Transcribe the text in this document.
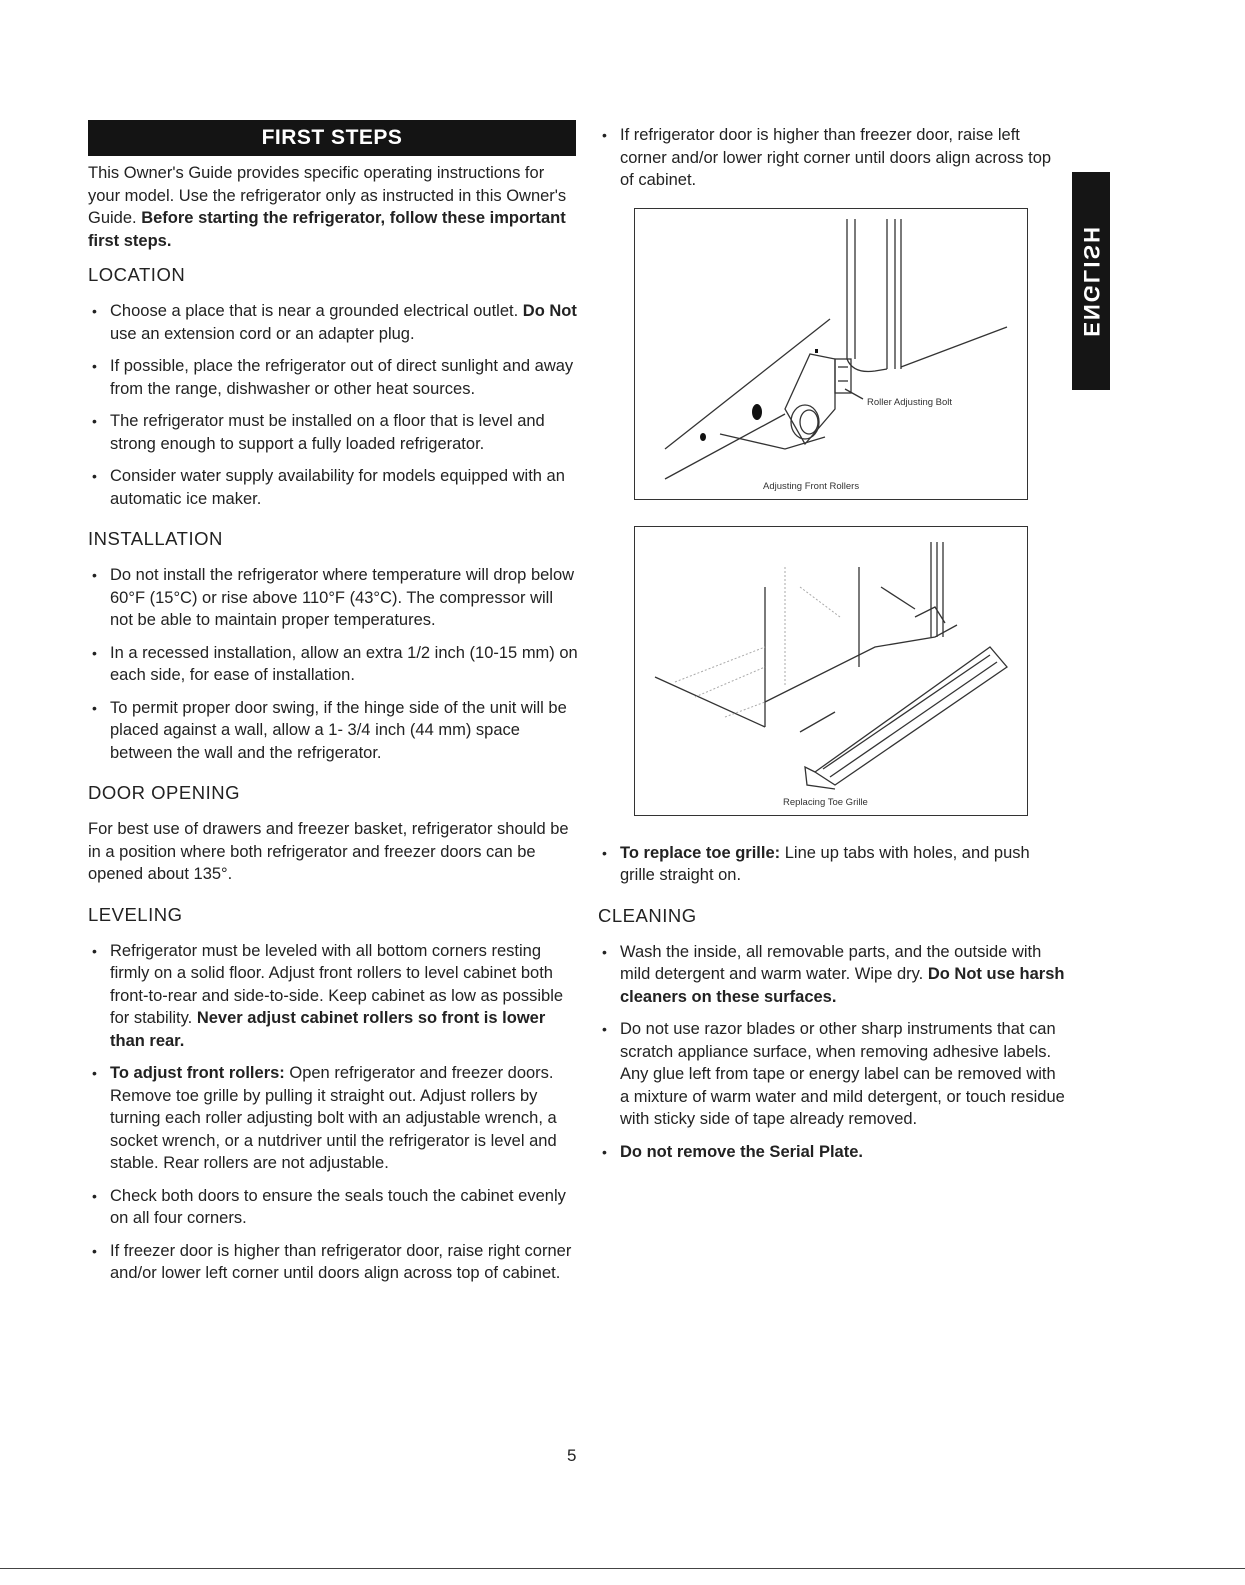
ENGLISH
FIRST STEPS

This Owner's Guide provides specific operating instructions for your model. Use the refrigerator only as instructed in this Owner's Guide. Before starting the refrigerator, follow these important first steps.

LOCATION
• Choose a place that is near a grounded electrical outlet. Do Not use an extension cord or an adapter plug.
• If possible, place the refrigerator out of direct sunlight and away from the range, dishwasher or other heat sources.
• The refrigerator must be installed on a floor that is level and strong enough to support a fully loaded refrigerator.
• Consider water supply availability for models equipped with an automatic ice maker.
INSTALLATION
• Do not install the refrigerator where temperature will drop below 60°F (15°C) or rise above 110°F (43°C). The compressor will not be able to maintain proper temperatures.
• In a recessed installation, allow an extra 1/2 inch (10-15 mm) on each side, for ease of installation.
• To permit proper door swing, if the hinge side of the unit will be placed against a wall, allow a 1- 3/4 inch (44 mm) space between the wall and the refrigerator.
DOOR OPENING

For best use of drawers and freezer basket, refrigerator should be in a position where both refrigerator and freezer doors can be opened about 135°.

LEVELING
• Refrigerator must be leveled with all bottom corners resting firmly on a solid floor. Adjust front rollers to level cabinet both front-to-rear and side-to-side. Keep cabinet as low as possible for stability. Never adjust cabinet rollers so front is lower than rear.
• To adjust front rollers: Open refrigerator and freezer doors. Remove toe grille by pulling it straight out. Adjust rollers by turning each roller adjusting bolt with an adjustable wrench, a socket wrench, or a nutdriver until the refrigerator is level and stable. Rear rollers are not adjustable.
• Check both doors to ensure the seals touch the cabinet evenly on all four corners.
• If freezer door is higher than refrigerator door, raise right corner and/or lower left corner until doors align across top of cabinet.
• If refrigerator door is higher than freezer door, raise left corner and/or lower right corner until doors align across top of cabinet.
Roller Adjusting Bolt
Adjusting Front Rollers
Replacing Toe Grille
• To replace toe grille: Line up tabs with holes, and push grille straight on.
CLEANING
• Wash the inside, all removable parts, and the outside with mild detergent and warm water. Wipe dry. Do Not use harsh cleaners on these surfaces.
• Do not use razor blades or other sharp instruments that can scratch appliance surface, when removing adhesive labels. Any glue left from tape or energy label can be removed with a mixture of warm water and mild detergent, or touch residue with sticky side of tape already removed.
• Do not remove the Serial Plate.
5
